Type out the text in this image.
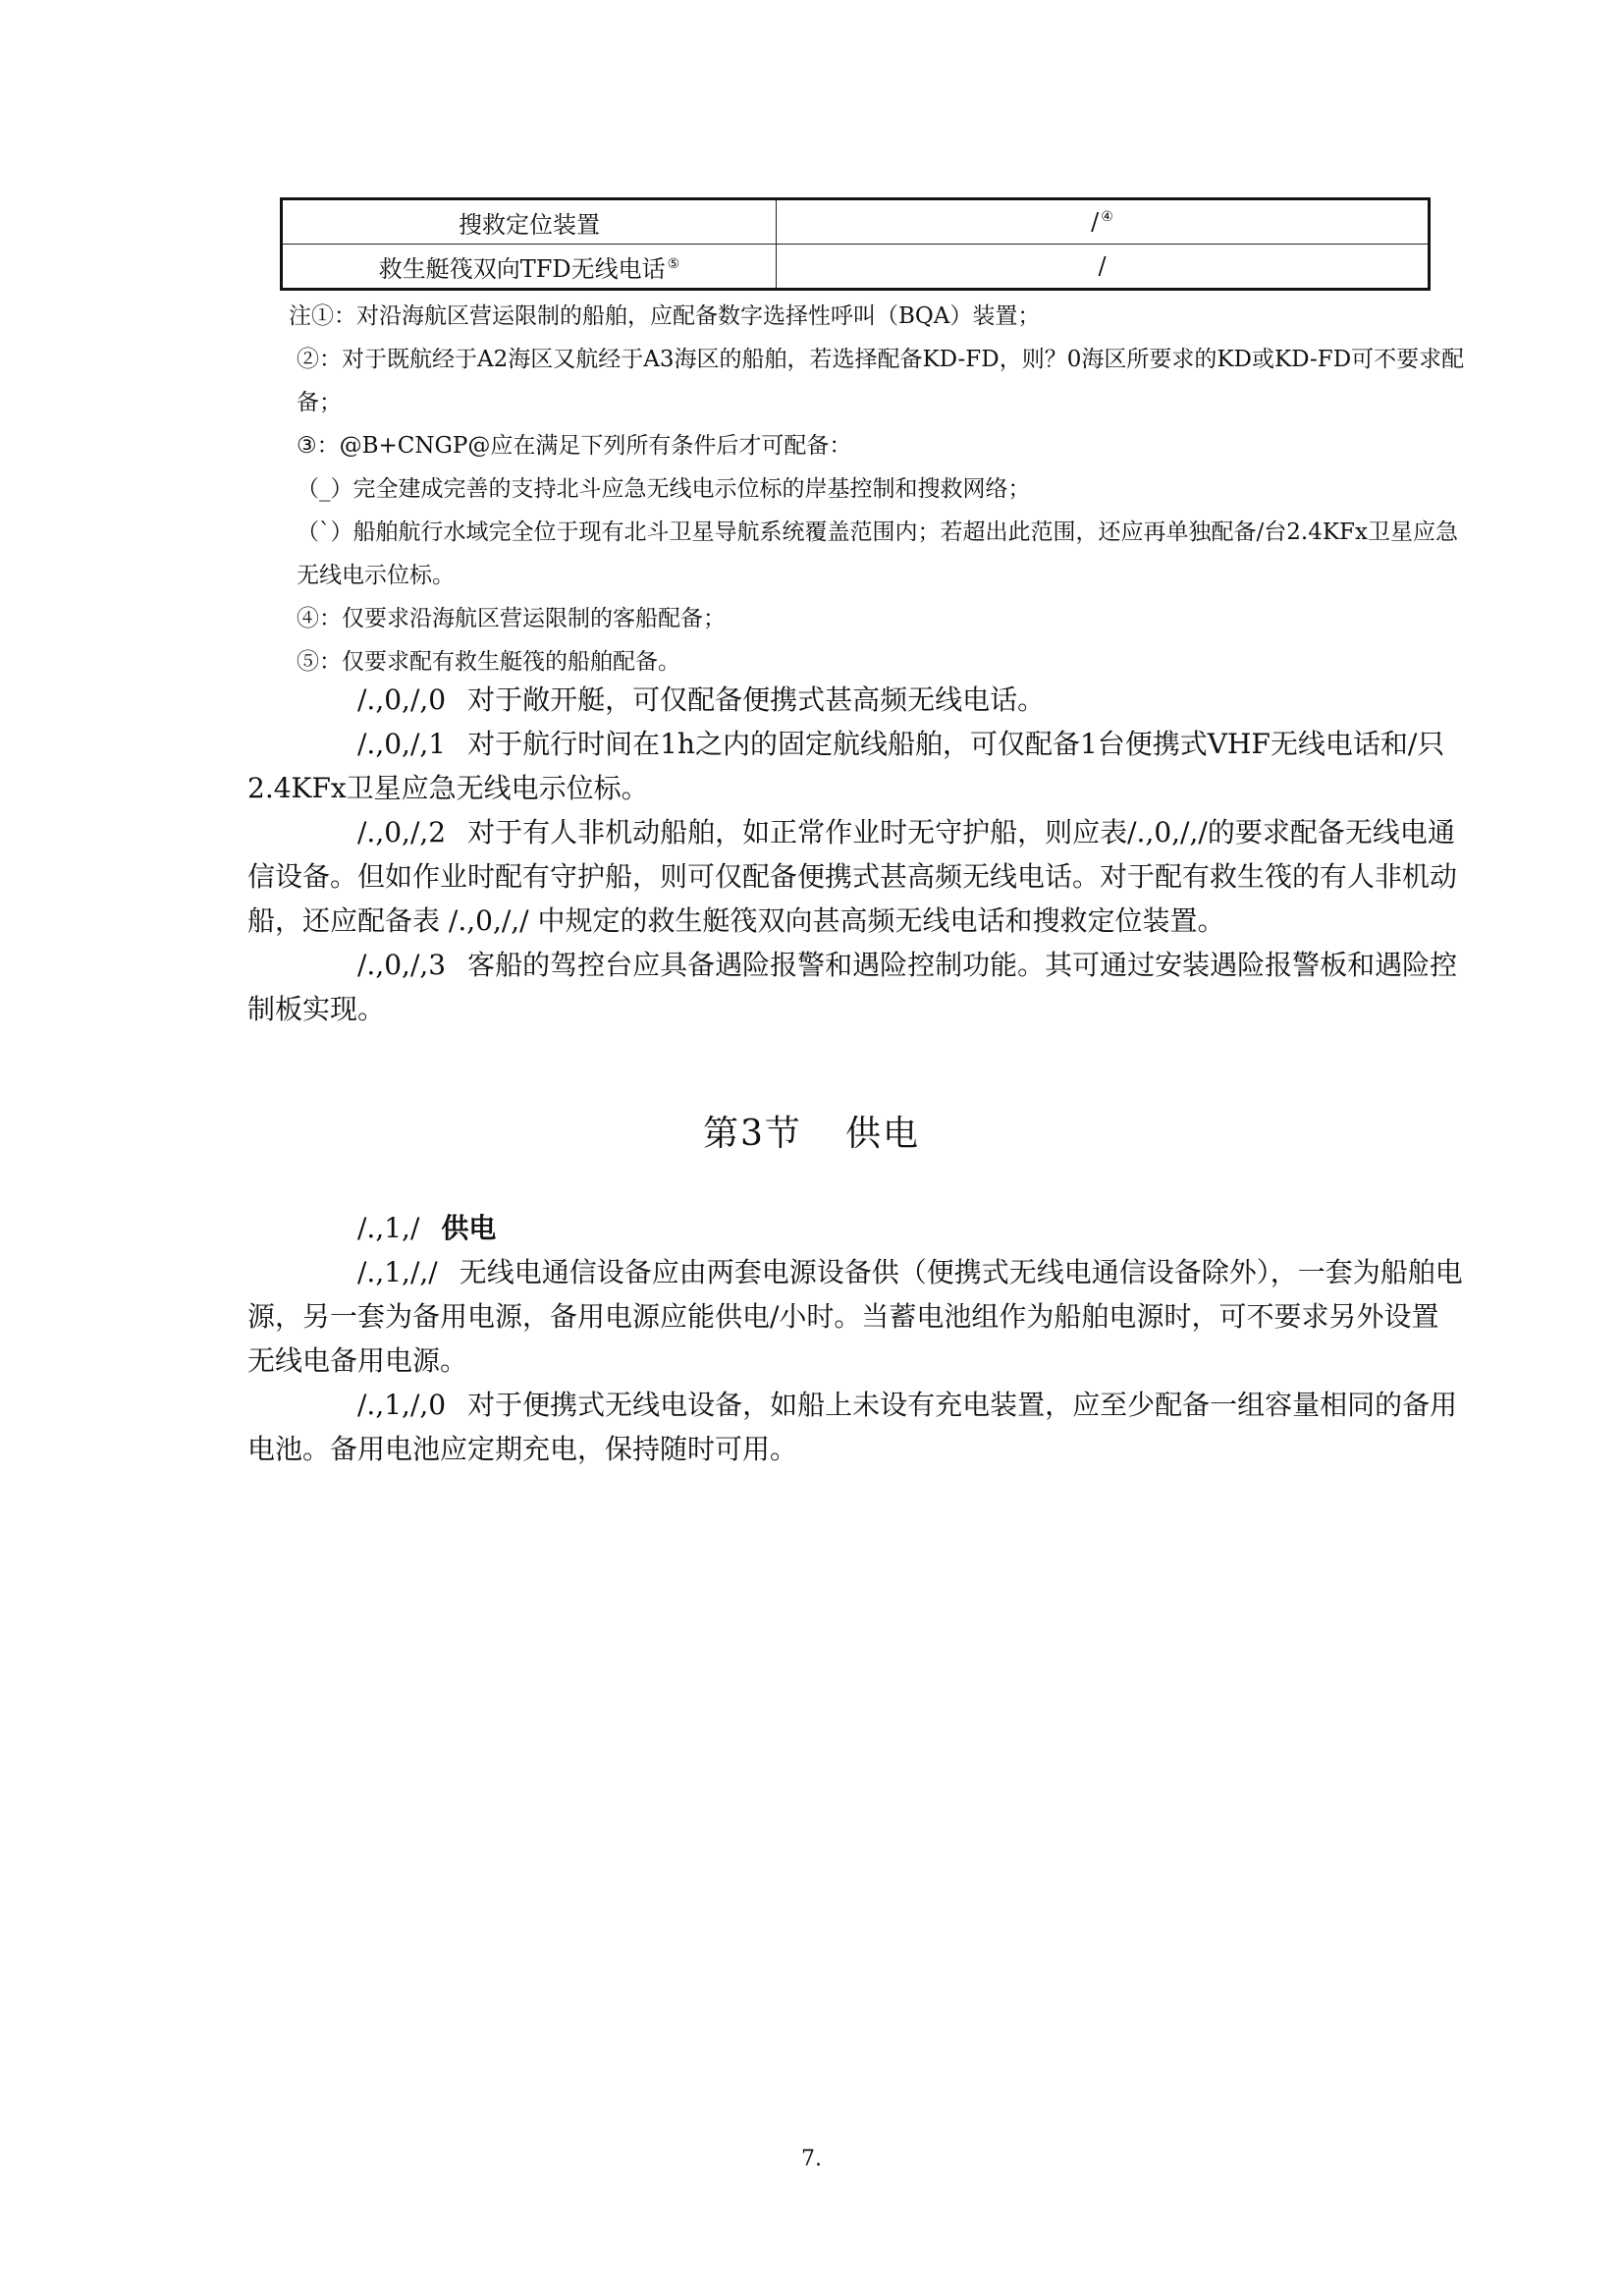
搜救定位装置	/ ④
救生艇筏双向TFD无线电话 ⑤	/

注①：对沿海航区营运限制的船舶，应配备数字选择性呼叫（BQA）装置；

②：对于既航经于A2海区又航经于A3海区的船舶，若选择配备KD-FD，则？0海区所要求的KD或KD-FD可不要求配备；

③：@B+CNGP@应在满足下列所有条件后才可配备：

（_）完全建成完善的支持北斗应急无线电示位标的岸基控制和搜救网络；

（`）船舶航行水域完全位于现有北斗卫星导航系统覆盖范围内；若超出此范围，还应再单独配备/台2.4KFx卫星应急无线电示位标。

④：仅要求沿海航区营运限制的客船配备；

⑤：仅要求配有救生艇筏的船舶配备。

/.,0,/,0 对于敞开艇，可仅配备便携式甚高频无线电话。

/.,0,/,1 对于航行时间在1h之内的固定航线船舶，可仅配备1台便携式VHF无线电话和/只2.4KFx卫星应急无线电示位标。

/.,0,/,2 对于有人非机动船舶，如正常作业时无守护船，则应表/.,0,/,/的要求配备无线电通信设备。但如作业时配有守护船，则可仅配备便携式甚高频无线电话。对于配有救生筏的有人非机动船，还应配备表 /.,0,/,/ 中规定的救生艇筏双向甚高频无线电话和搜救定位装置。

/.,0,/,3 客船的驾控台应具备遇险报警和遇险控制功能。其可通过安装遇险报警板和遇险控制板实现。

第3节 供电

/.,1,/ 供电

/.,1,/,/ 无线电通信设备应由两套电源设备供（便携式无线电通信设备除外），一套为船舶电源，另一套为备用电源，备用电源应能供电/小时。当蓄电池组作为船舶电源时，可不要求另外设置无线电备用电源。

/.,1,/,0 对于便携式无线电设备，如船上未设有充电装置，应至少配备一组容量相同的备用电池。备用电池应定期充电，保持随时可用。

7.
